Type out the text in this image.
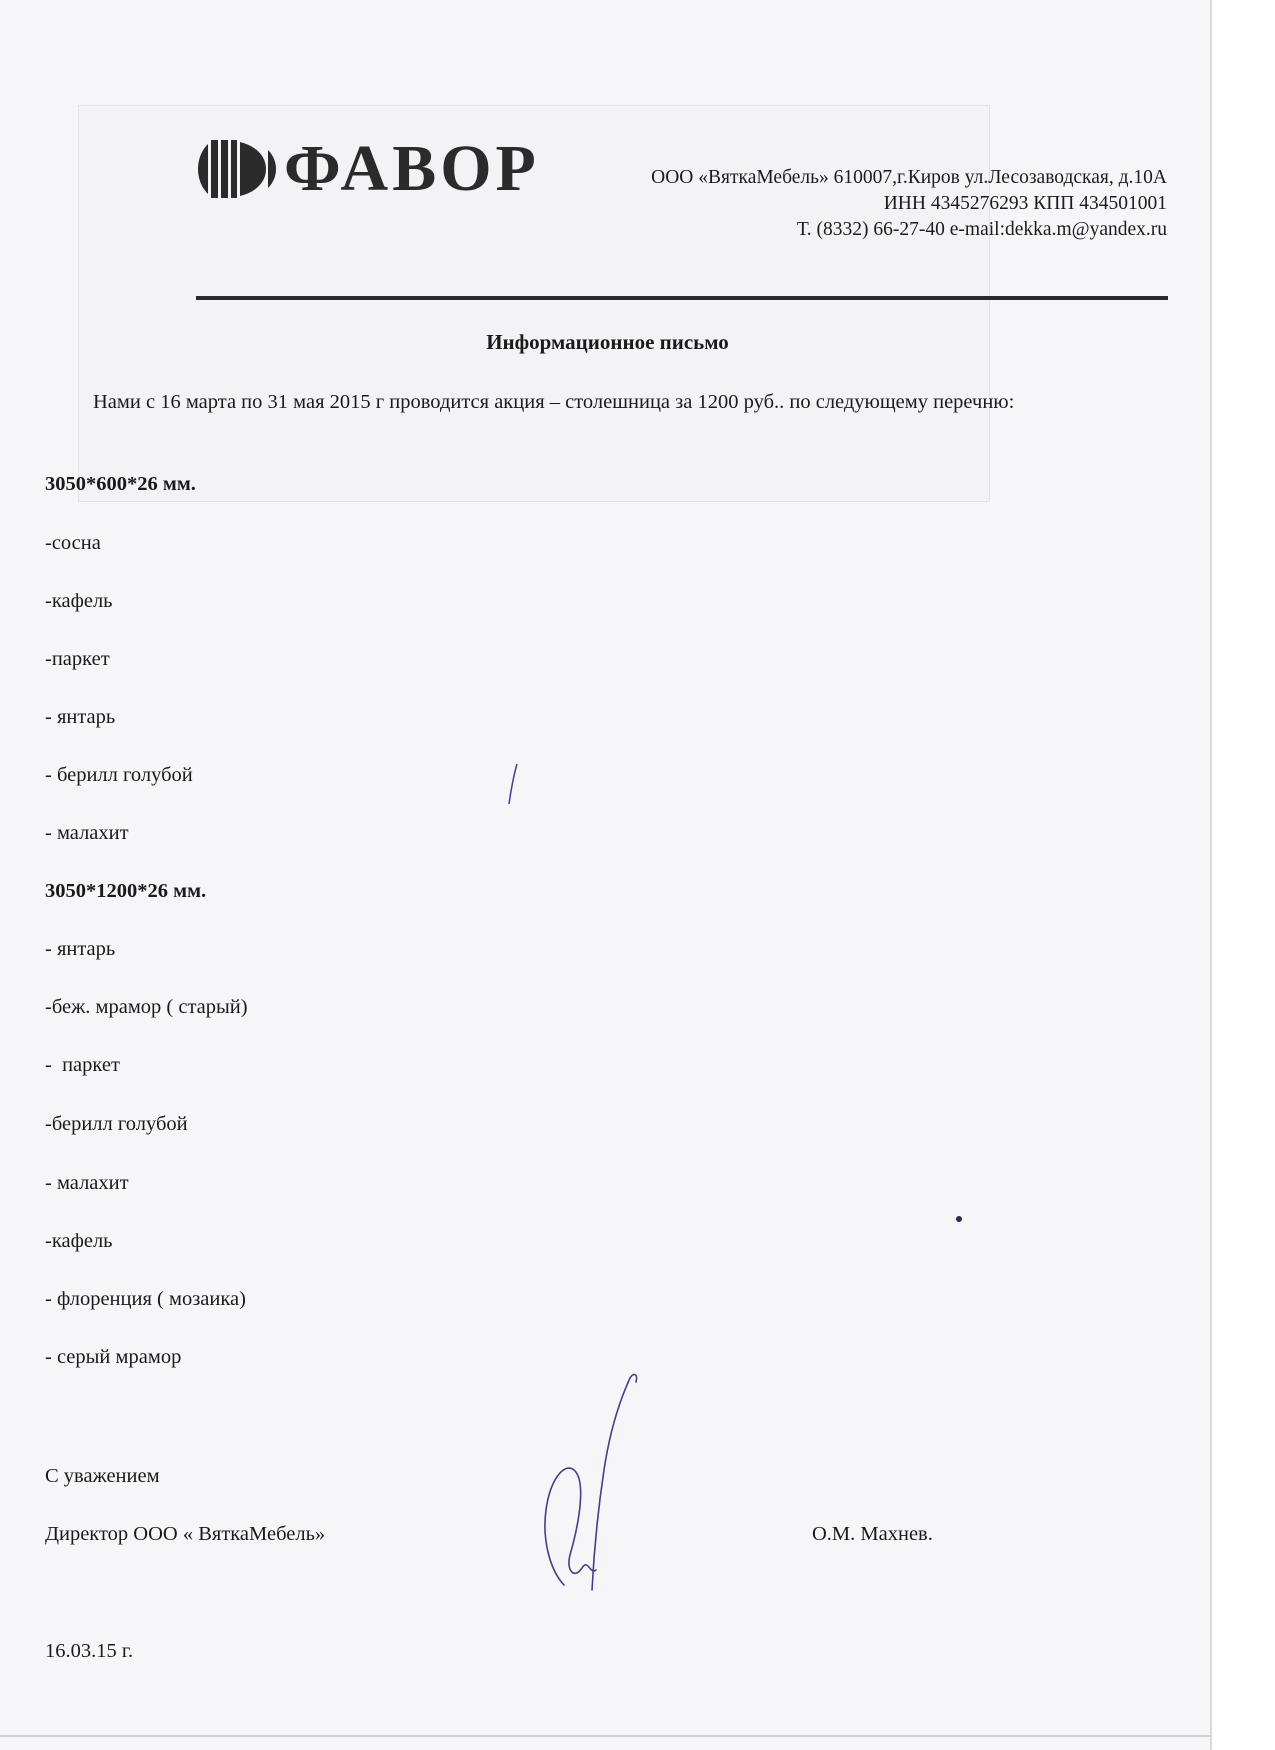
ФАВОР	ООО «ВяткаМебель» 610007,г.Киров ул.Лесозаводская, д.10А
ИНН 4345276293 КПП 434501001
Т. (8332) 66-27-40 e-mail:dekka.m@yandex.ru
Информационное письмо
Нами с 16 марта по 31 мая 2015 г проводится акция – столешница за 1200 руб.. по следующему перечню:
3050*600*26 мм.
-сосна
-кафель
-паркет
- янтарь
- берилл голубой
- малахит
3050*1200*26 мм.
- янтарь
-беж. мрамор ( старый)
-  паркет
-берилл голубой
- малахит
-кафель
- флоренция ( мозаика)
- серый мрамор
С уважением
Директор ООО « ВяткаМебель»	О.М. Махнев.
16.03.15 г.
